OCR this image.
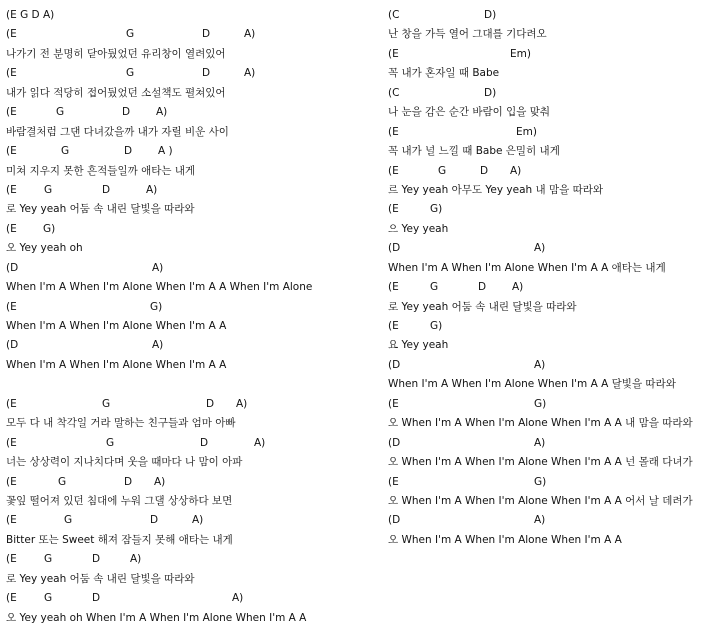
(E G D A)
(E	G	D	A)
나가기 전 분명히 닫아뒀었던 유리창이 열려있어
(E	G	D	A)
내가 읽다 적당히 접어뒀었던 소설책도 펼쳐있어
(E	G	D A)
바람결처럼 그댄 다녀갔을까 내가 자릴 비운 사이
(E	G	D A )
미쳐 지우지 못한 흔적들일까 애타는 내게
(E	G	D	A)
로 Yey yeah 어둠 속 내린 달빛을 따라와
(E	G)
오 Yey yeah oh
(D	A)
When I'm A When I'm Alone When I'm A A When I'm Alone
(E	G)
When I'm A When I'm Alone When I'm A A
(D	A)
When I'm A When I'm Alone When I'm A A
(E	G	D A)
모두 다 내 착각일 거라 말하는 친구들과 엄마 아빠
(E	G	D	A)
너는 상상력이 지나치다며 웃을 때마다 나 맘이 아파
(E	G	D A)
꽃잎 떨어져 있던 침대에 누워 그댈 상상하다 보면
(E	G	D	A)
Bitter 또는 Sweet 해져 잠들지 못해 애타는 내게
(E	G	D	A)
로 Yey yeah 어둠 속 내린 달빛을 따라와
(E	G	D	A)
오 Yey yeah oh When I'm A When I'm Alone When I'm A A
(C	D)
난 창을 가득 열어 그대를 기다려오
(E	Em)
꼭 내가 혼자일 때 Babe
(C	D)
나 눈을 감은 순간 바람이 입을 맞춰
(E	Em)
꼭 내가 널 느낄 때 Babe 은밀히 내게
(E	G	D A)
르 Yey yeah 아무도 Yey yeah 내 맘을 따라와
(E	G)
으 Yey yeah
(D	A)
When I'm A When I'm Alone When I'm A A 애타는 내게
(E	G	D A)
로 Yey yeah 어둠 속 내린 달빛을 따라와
(E	G)
요 Yey yeah
(D	A)
When I'm A When I'm Alone When I'm A A 달빛을 따라와
(E	G)
오 When I'm A When I'm Alone When I'm A A 내 맘을 따라와
(D	A)
오 When I'm A When I'm Alone When I'm A A 넌 몰래 다녀가
(E	G)
오 When I'm A When I'm Alone When I'm A A 어서 날 데려가
(D	A)
오 When I'm A When I'm Alone When I'm A A
